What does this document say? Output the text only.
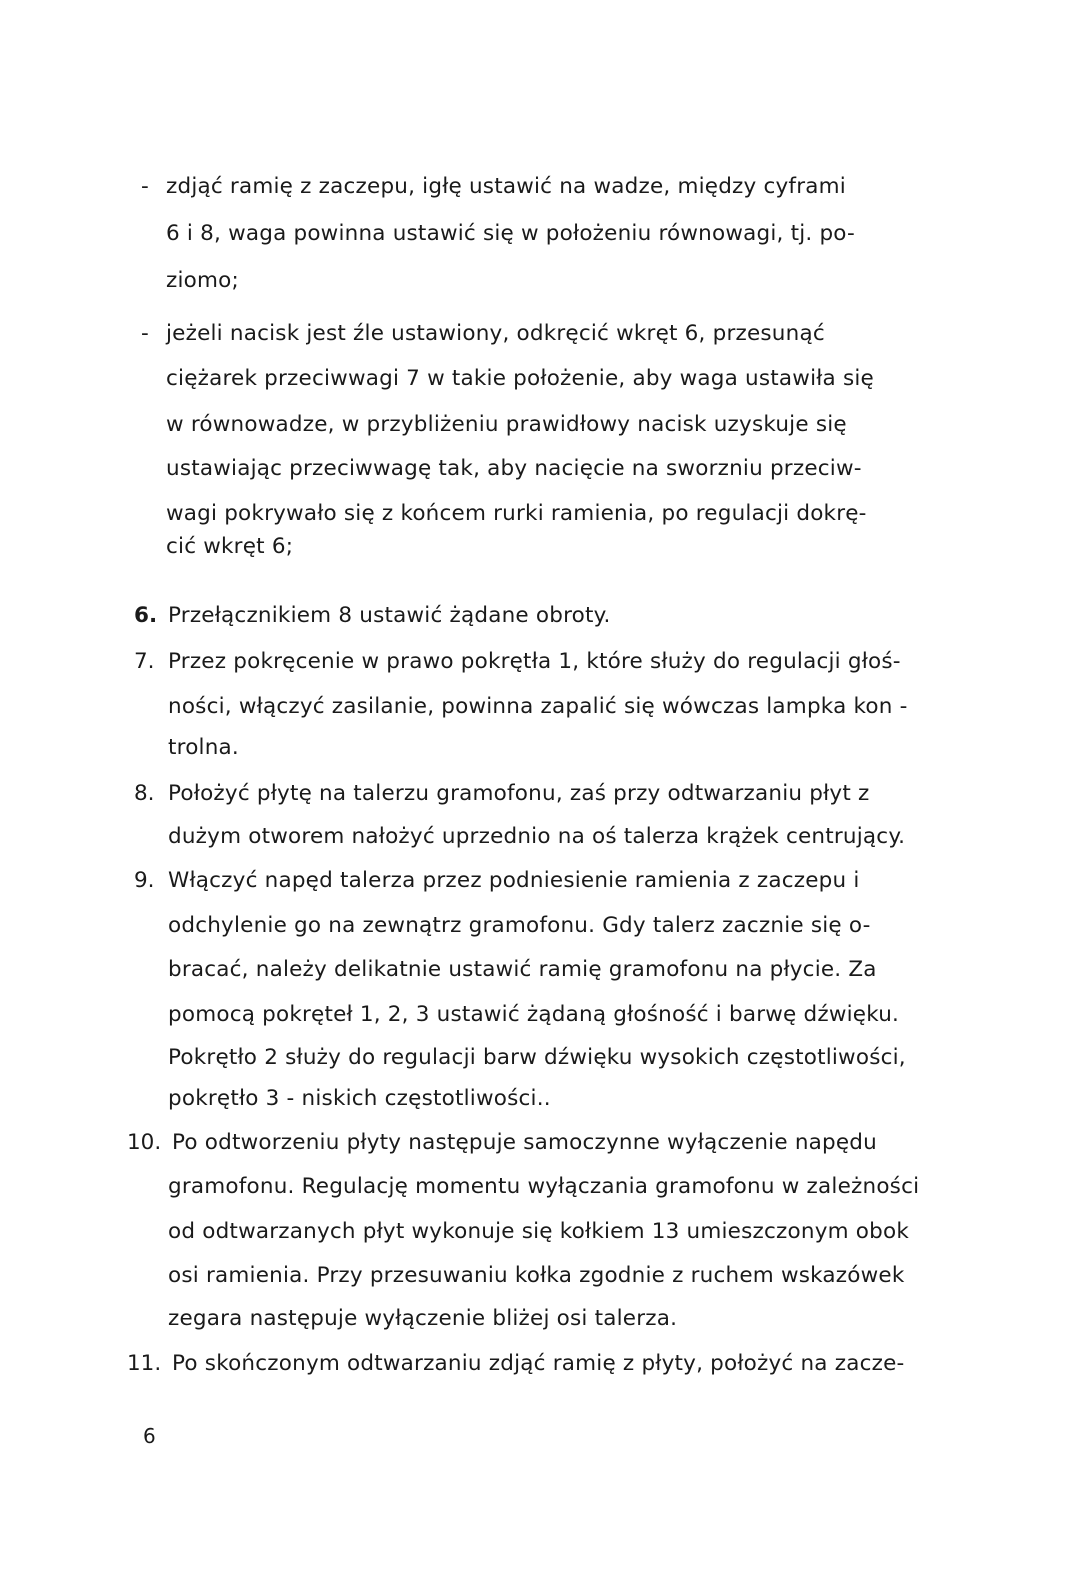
- zdjąć ramię z zaczepu, igłę ustawić na wadze, między cyframi
6 i 8, waga powinna ustawić się w położeniu równowagi, tj. po-
ziomo;
- jeżeli nacisk jest źle ustawiony, odkręcić wkręt 6, przesunąć
ciężarek przeciwwagi 7 w takie położenie, aby waga ustawiła się
w równowadze, w przybliżeniu prawidłowy nacisk uzyskuje się
ustawiając przeciwwagę tak, aby nacięcie na sworzniu przeciw-
wagi pokrywało się z końcem rurki ramienia, po regulacji dokrę-
cić wkręt 6;
6. Przełącznikiem 8 ustawić żądane obroty.
7. Przez pokręcenie w prawo pokrętła 1, które służy do regulacji głoś-
ności, włączyć zasilanie, powinna zapalić się wówczas lampka kon -
trolna.
8. Położyć płytę na talerzu gramofonu, zaś przy odtwarzaniu płyt z
dużym otworem nałożyć uprzednio na oś talerza krążek centrujący.
9. Włączyć napęd talerza przez podniesienie ramienia z zaczepu i
odchylenie go na zewnątrz gramofonu. Gdy talerz zacznie się o-
bracać, należy delikatnie ustawić ramię gramofonu na płycie. Za
pomocą pokręteł 1, 2, 3 ustawić żądaną głośność i barwę dźwięku.
Pokrętło 2 służy do regulacji barw dźwięku wysokich częstotliwości,
pokrętło 3 - niskich częstotliwości..
10. Po odtworzeniu płyty następuje samoczynne wyłączenie napędu
gramofonu. Regulację momentu wyłączania gramofonu w zależności
od odtwarzanych płyt wykonuje się kołkiem 13 umieszczonym obok
osi ramienia. Przy przesuwaniu kołka zgodnie z ruchem wskazówek
zegara następuje wyłączenie bliżej osi talerza.
11. Po skończonym odtwarzaniu zdjąć ramię z płyty, położyć na zacze-
6
